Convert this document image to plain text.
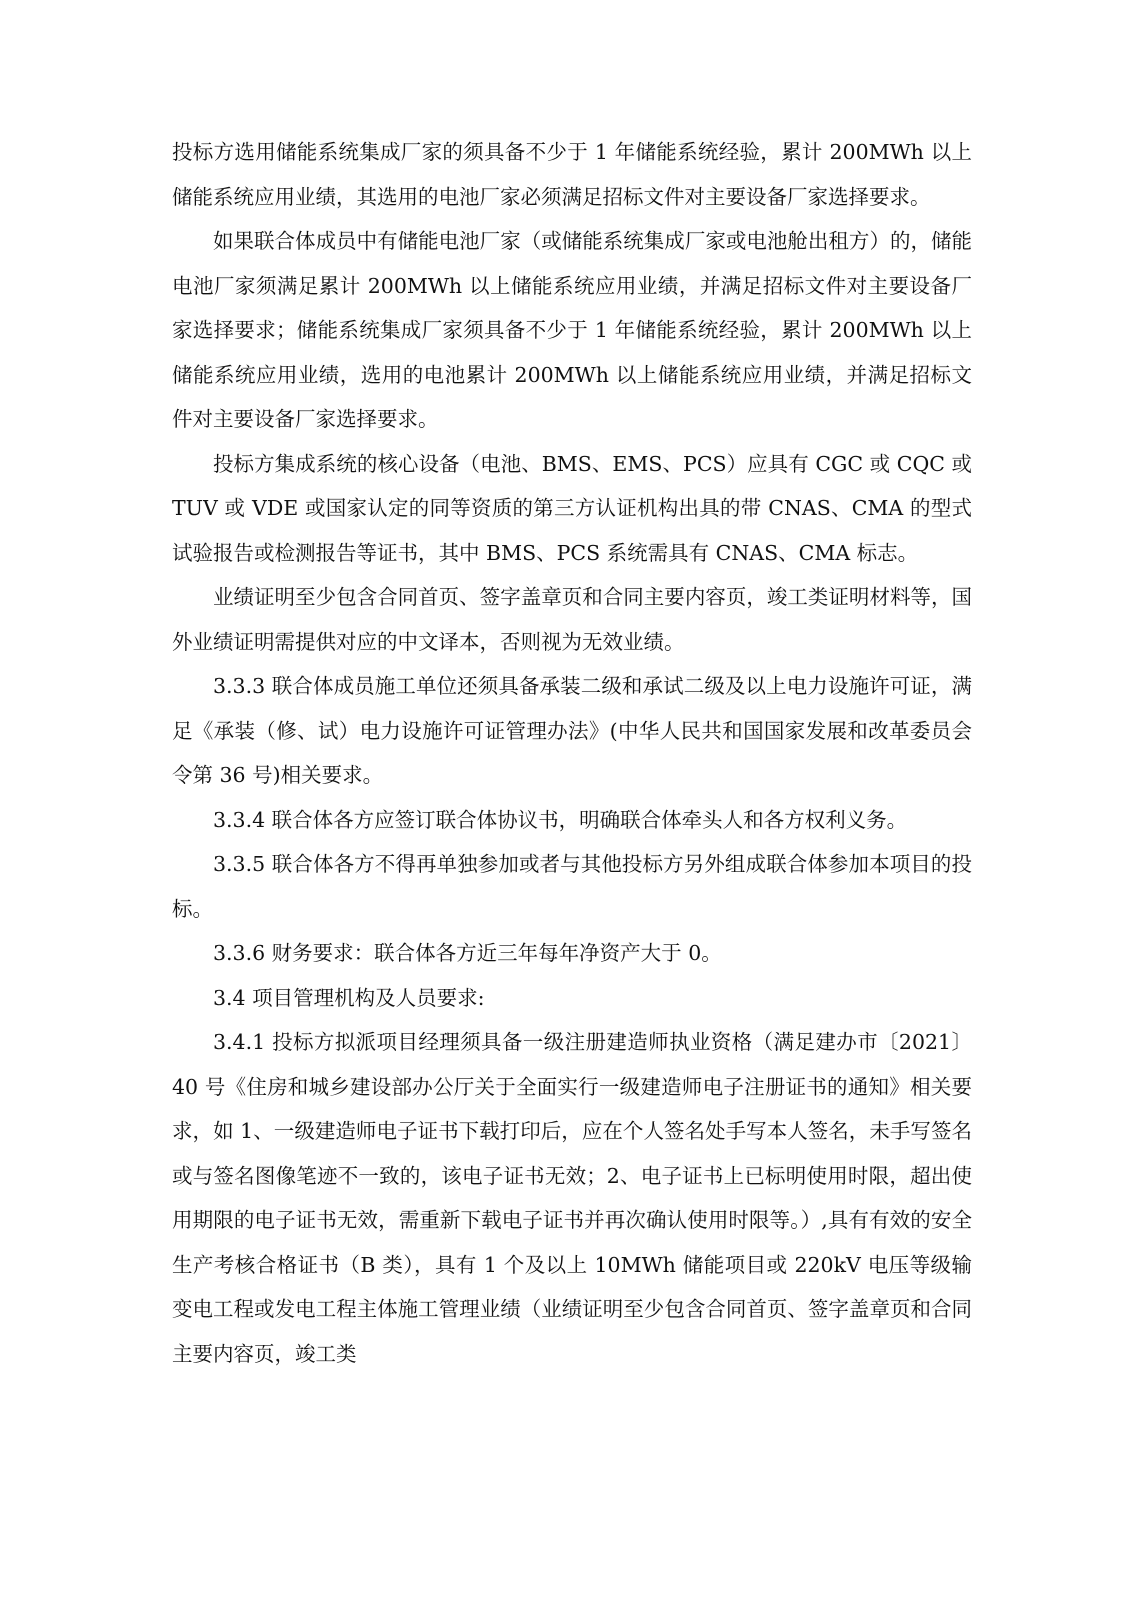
投标方选用储能系统集成厂家的须具备不少于 1 年储能系统经验，累计 200MWh 以上储能系统应用业绩，其选用的电池厂家必须满足招标文件对主要设备厂家选择要求。

如果联合体成员中有储能电池厂家（或储能系统集成厂家或电池舱出租方）的，储能电池厂家须满足累计 200MWh 以上储能系统应用业绩，并满足招标文件对主要设备厂家选择要求；储能系统集成厂家须具备不少于 1 年储能系统经验，累计 200MWh 以上储能系统应用业绩，选用的电池累计 200MWh 以上储能系统应用业绩，并满足招标文件对主要设备厂家选择要求。

投标方集成系统的核心设备（电池、BMS、EMS、PCS）应具有 CGC 或 CQC 或 TUV 或 VDE 或国家认定的同等资质的第三方认证机构出具的带 CNAS、CMA 的型式试验报告或检测报告等证书，其中 BMS、PCS 系统需具有 CNAS、CMA 标志。

业绩证明至少包含合同首页、签字盖章页和合同主要内容页，竣工类证明材料等，国外业绩证明需提供对应的中文译本，否则视为无效业绩。

3.3.3 联合体成员施工单位还须具备承装二级和承试二级及以上电力设施许可证，满足《承装（修、试）电力设施许可证管理办法》(中华人民共和国国家发展和改革委员会令第 36 号)相关要求。

3.3.4 联合体各方应签订联合体协议书，明确联合体牵头人和各方权利义务。

3.3.5 联合体各方不得再单独参加或者与其他投标方另外组成联合体参加本项目的投标。

3.3.6 财务要求：联合体各方近三年每年净资产大于 0。

3.4 项目管理机构及人员要求:

3.4.1 投标方拟派项目经理须具备一级注册建造师执业资格（满足建办市〔2021〕40 号《住房和城乡建设部办公厅关于全面实行一级建造师电子注册证书的通知》相关要求，如 1、一级建造师电子证书下载打印后，应在个人签名处手写本人签名，未手写签名或与签名图像笔迹不一致的，该电子证书无效；2、电子证书上已标明使用时限，超出使用期限的电子证书无效，需重新下载电子证书并再次确认使用时限等。）,具有有效的安全生产考核合格证书（B 类），具有 1 个及以上 10MWh 储能项目或 220kV 电压等级输变电工程或发电工程主体施工管理业绩（业绩证明至少包含合同首页、签字盖章页和合同主要内容页，竣工类
